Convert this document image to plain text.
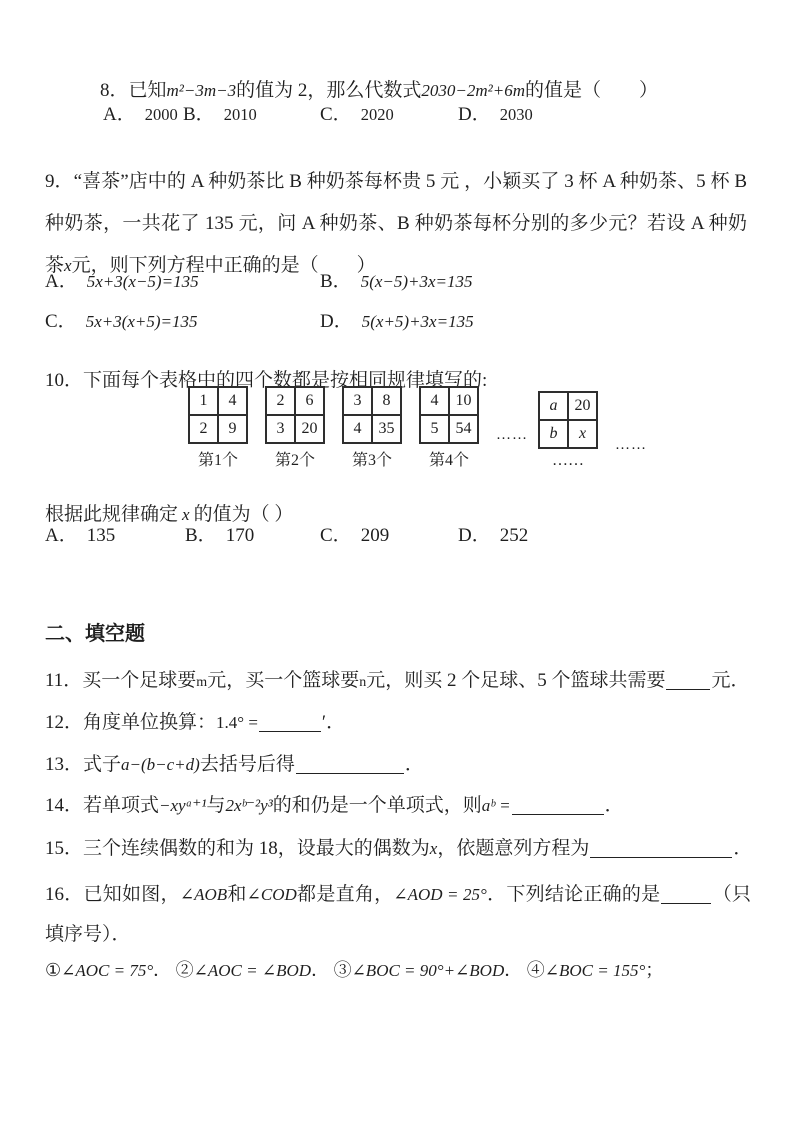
8．已知m²−3m−3的值为 2，那么代数式2030−2m²+6m的值是（　　）

A． 2000 B． 2010	C． 2020	D． 2030

9．“喜茶”店中的 A 种奶茶比 B 种奶茶每杯贵 5 元 ，小颖买了 3 杯 A 种奶茶、5 杯 B 种奶茶，一共花了 135 元，问 A 种奶茶、B 种奶茶每杯分别的多少元？若设 A 种奶茶x元，则下列方程中正确的是（　　）

A． 5x+3(x−5)=135	B． 5(x−5)+3x=135
C． 5x+3(x+5)=135	D． 5(x+5)+3x=135

10．下面每个表格中的四个数都是按相同规律填写的:

1	4
2	9
第1个
2	6
3	20
第2个
3	8
4	35
第3个
4	10
5	54
第4个
……
a	20
b	x
……
……

根据此规律确定 x 的值为（ ）

A． 135	B． 170	C． 209	D． 252

二、填空题

11．买一个足球要m元，买一个篮球要n元，则买 2 个足球、5 个篮球共需要 元．

12．角度单位换算：1.4° =	′．

13．式子a−(b−c+d)去括号后得	．

14．若单项式−xyᵃ⁺¹与2xᵇ⁻²y³的和仍是一个单项式，则aᵇ =	．

15．三个连续偶数的和为 18，设最大的偶数为x，依题意列方程为	．

16．已知如图，∠AOB和∠COD都是直角，∠AOD = 25°．下列结论正确的是	（只填序号）．

①∠AOC = 75°． ②∠AOC = ∠BOD． ③∠BOC = 90°+∠BOD． ④∠BOC = 155°；
